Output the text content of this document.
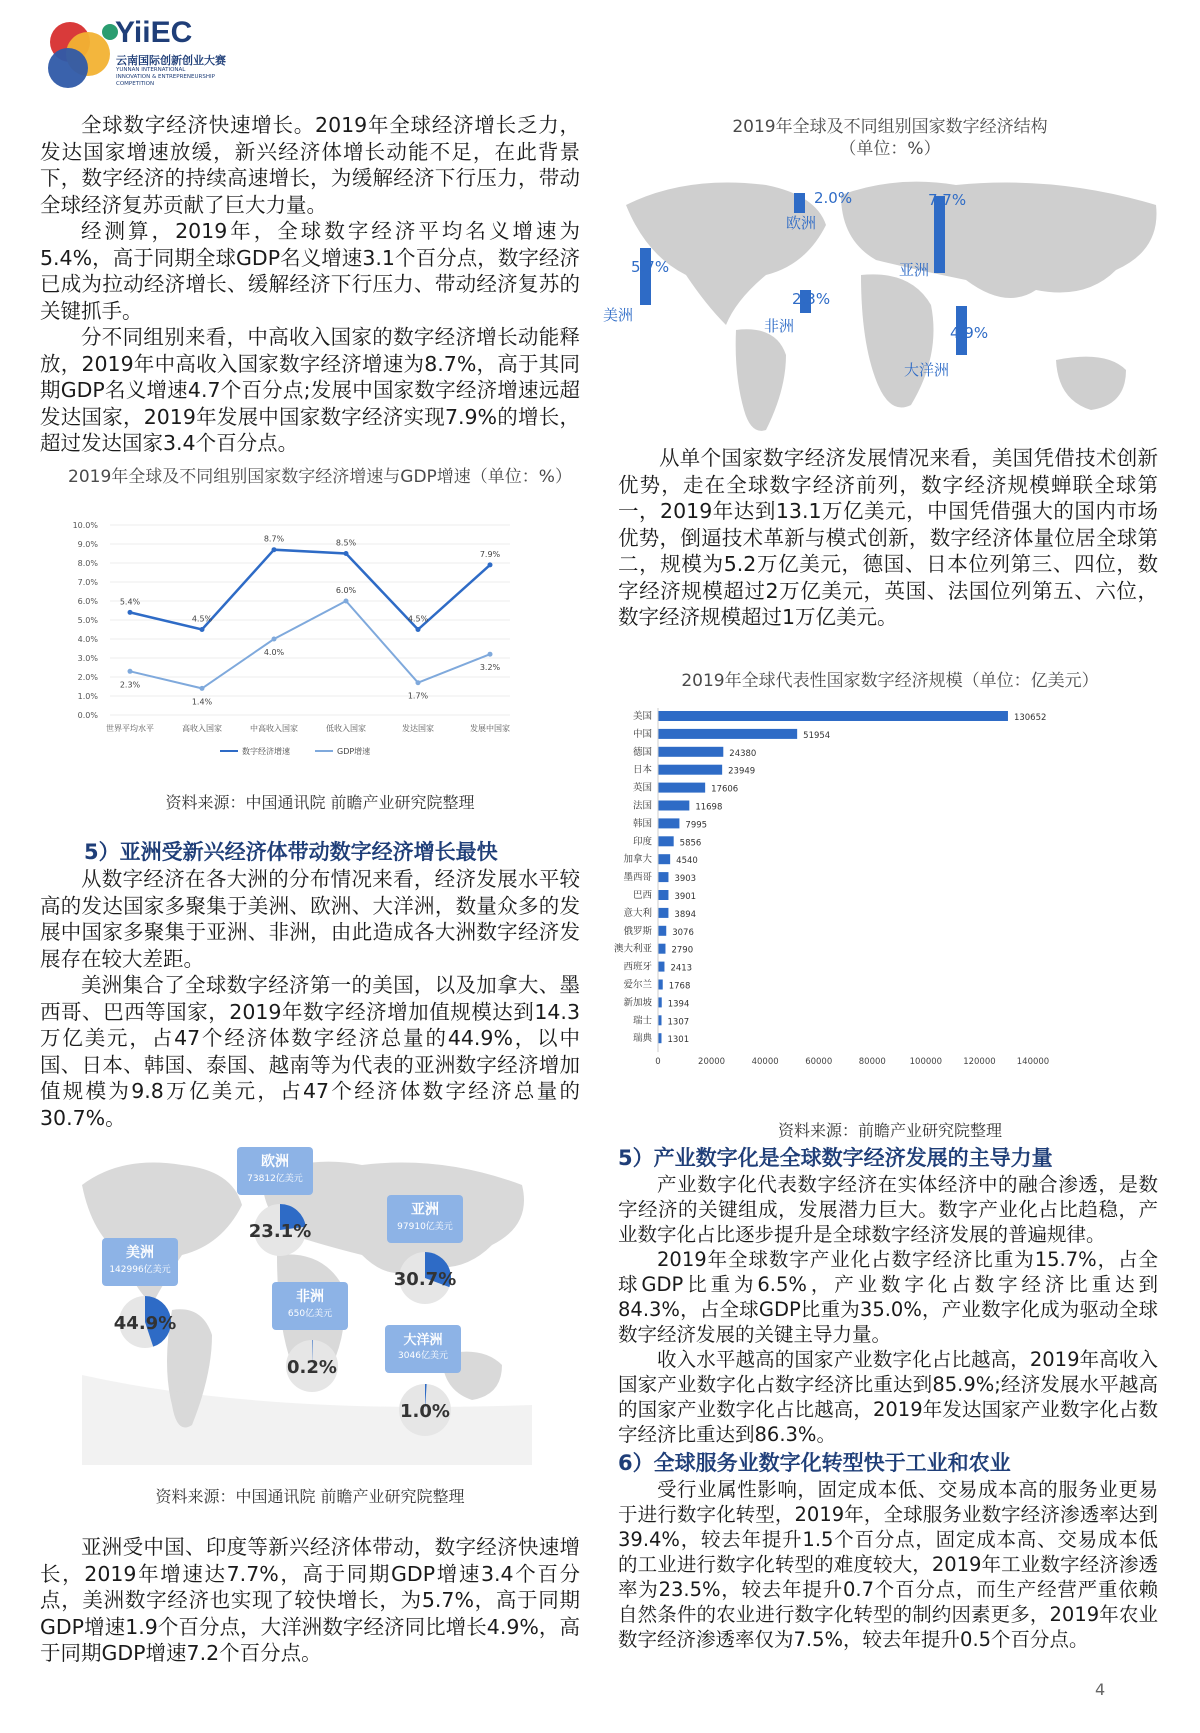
YiiEC
云南国际创新创业大赛
YUNNAN INTERNATIONAL
INNOVATION & ENTREPRENEURSHIP
COMPETITION

全球数字经济快速增长。2019年全球经济增长乏力，发达国家增速放缓，新兴经济体增长动能不足，在此背景下，数字经济的持续高速增长，为缓解经济下行压力，带动全球经济复苏贡献了巨大力量。

经测算，2019年，全球数字经济平均名义增速为5.4%，高于同期全球GDP名义增速3.1个百分点，数字经济已成为拉动经济增长、缓解经济下行压力、带动经济复苏的关键抓手。

分不同组别来看，中高收入国家的数字经济增长动能释放，2019年中高收入国家数字经济增速为8.7%，高于其同期GDP名义增速4.7个百分点;发展中国家数字经济增速远超发达国家，2019年发展中国家数字经济实现7.9%的增长，超过发达国家3.4个百分点。

2019年全球及不同组别国家数字经济增速与GDP增速（单位：%）
0.0%
1.0%
2.0%
3.0%
4.0%
5.0%
6.0%
7.0%
8.0%
9.0%
10.0%
世界平均水平	高收入国家	中高收入国家	低收入国家	发达国家	发展中国家
5.4%
4.5%
8.7%	8.5%
4.5%
7.9%
2.3%
1.4%
4.0%
6.0%
1.7%
3.2%
数字经济增速	GDP增速
资料来源：中国通讯院 前瞻产业研究院整理

5）亚洲受新兴经济体带动数字经济增长最快

从数字经济在各大洲的分布情况来看，经济发展水平较高的发达国家多聚集于美洲、欧洲、大洋洲，数量众多的发展中国家多聚集于亚洲、非洲，由此造成各大洲数字经济发展存在较大差距。

美洲集合了全球数字经济第一的美国，以及加拿大、墨西哥、巴西等国家，2019年数字经济增加值规模达到14.3万亿美元，占47个经济体数字经济总量的44.9%，以中国、日本、韩国、泰国、越南等为代表的亚洲数字经济增加值规模为9.8万亿美元，占47个经济体数字经济总量的30.7%。

欧洲
73812亿美元
亚洲
97910亿美元
美洲
142996亿美元
非洲
650亿美元
大洋洲
3046亿美元
23.1%
30.7%
44.9%
0.2%
1.0%
资料来源：中国通讯院 前瞻产业研究院整理

亚洲受中国、印度等新兴经济体带动，数字经济快速增长，2019年增速达7.7%，高于同期GDP增速3.4个百分点，美洲数字经济也实现了较快增长，为5.7%，高于同期GDP增速1.9个百分点，大洋洲数字经济同比增长4.9%，高于同期GDP增速7.2个百分点。

2019年全球及不同组别国家数字经济结构
（单位：%）
2.0%
欧洲
7.7%
亚洲
5.7%
美洲
2.3%
非洲	4.9%
大洋洲

从单个国家数字经济发展情况来看，美国凭借技术创新优势，走在全球数字经济前列，数字经济规模蝉联全球第一，2019年达到13.1万亿美元，中国凭借强大的国内市场优势，倒逼技术革新与模式创新，数字经济体量位居全球第二，规模为5.2万亿美元，德国、日本位列第三、四位，数字经济规模超过2万亿美元，英国、法国位列第五、六位，数字经济规模超过1万亿美元。

2019年全球代表性国家数字经济规模（单位：亿美元）
美国	130652
中国	51954
德国	24380
日本	23949
英国	17606
法国	11698
韩国	7995
印度	5856
加拿大	4540
墨西哥	3903
巴西	3901
意大利	3894
俄罗斯 3076
澳大利亚 2790
西班牙 2413
爱尔兰 1768
新加坡 1394
瑞士 1307
瑞典 1301
0	20000	40000	60000	80000	100000 120000 140000
资料来源：前瞻产业研究院整理

5）产业数字化是全球数字经济发展的主导力量

产业数字化代表数字经济在实体经济中的融合渗透，是数字经济的关键组成，发展潜力巨大。数字产业化占比趋稳，产业数字化占比逐步提升是全球数字经济发展的普遍规律。

2019年全球数字产业化占数字经济比重为15.7%，占全球GDP比重为6.5%，产业数字化占数字经济比重达到84.3%，占全球GDP比重为35.0%，产业数字化成为驱动全球数字经济发展的关键主导力量。

收入水平越高的国家产业数字化占比越高，2019年高收入国家产业数字化占数字经济比重达到85.9%;经济发展水平越高的国家产业数字化占比越高，2019年发达国家产业数字化占数字经济比重达到86.3%。

6）全球服务业数字化转型快于工业和农业

受行业属性影响，固定成本低、交易成本高的服务业更易于进行数字化转型，2019年，全球服务业数字经济渗透率达到39.4%，较去年提升1.5个百分点，固定成本高、交易成本低的工业进行数字化转型的难度较大，2019年工业数字经济渗透率为23.5%，较去年提升0.7个百分点，而生产经营严重依赖自然条件的农业进行数字化转型的制约因素更多，2019年农业数字经济渗透率仅为7.5%，较去年提升0.5个百分点。

4
